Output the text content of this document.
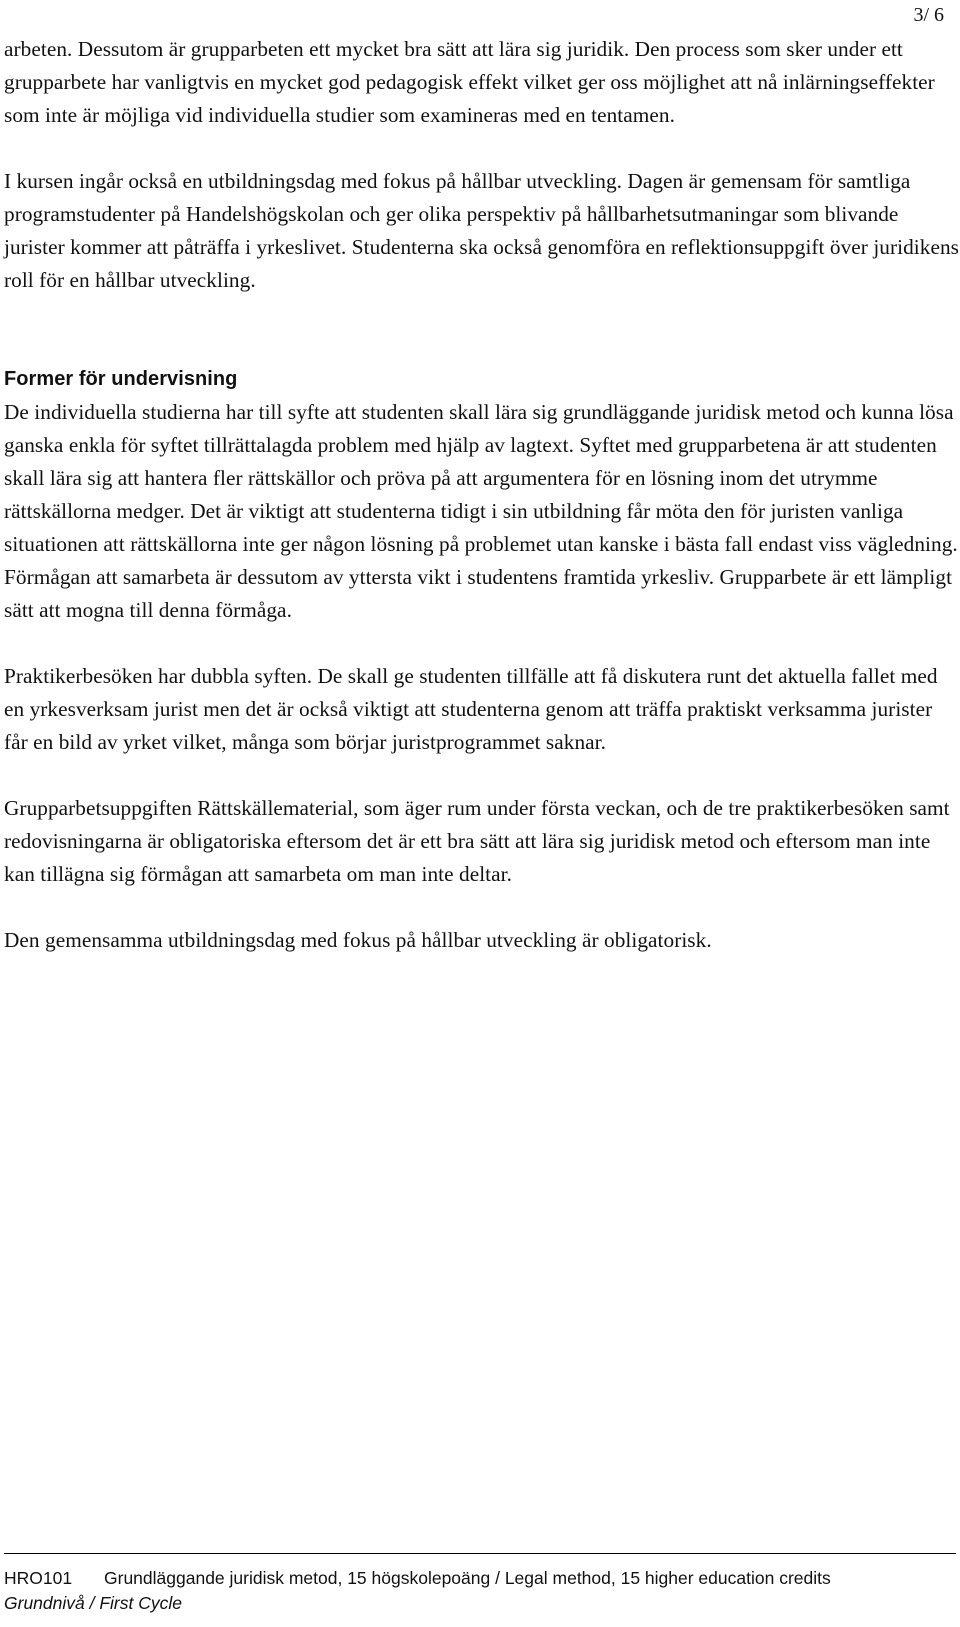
3/ 6

arbeten. Dessutom är grupparbeten ett mycket bra sätt att lära sig juridik. Den process som sker under ett grupparbete har vanligtvis en mycket god pedagogisk effekt vilket ger oss möjlighet att nå inlärningseffekter som inte är möjliga vid individuella studier som examineras med en tentamen.

I kursen ingår också en utbildningsdag med fokus på hållbar utveckling. Dagen är gemensam för samtliga programstudenter på Handelshögskolan och ger olika perspektiv på hållbarhetsutmaningar som blivande jurister kommer att påträffa i yrkeslivet. Studenterna ska också genomföra en reflektionsuppgift över juridikens roll för en hållbar utveckling.

Former för undervisning

De individuella studierna har till syfte att studenten skall lära sig grundläggande juridisk metod och kunna lösa ganska enkla för syftet tillrättalagda problem med hjälp av lagtext. Syftet med grupparbetena är att studenten skall lära sig att hantera fler rättskällor och pröva på att argumentera för en lösning inom det utrymme rättskällorna medger. Det är viktigt att studenterna tidigt i sin utbildning får möta den för juristen vanliga situationen att rättskällorna inte ger någon lösning på problemet utan kanske i bästa fall endast viss vägledning. Förmågan att samarbeta är dessutom av yttersta vikt i studentens framtida yrkesliv. Grupparbete är ett lämpligt sätt att mogna till denna förmåga.

Praktikerbesöken har dubbla syften. De skall ge studenten tillfälle att få diskutera runt det aktuella fallet med en yrkesverksam jurist men det är också viktigt att studenterna genom att träffa praktiskt verksamma jurister får en bild av yrket vilket, många som börjar juristprogrammet saknar.

Grupparbetsuppgiften Rättskällematerial, som äger rum under första veckan, och de tre praktikerbesöken samt redovisningarna är obligatoriska eftersom det är ett bra sätt att lära sig juridisk metod och eftersom man inte kan tillägna sig förmågan att samarbeta om man inte deltar.

Den gemensamma utbildningsdag med fokus på hållbar utveckling är obligatorisk.

HRO101 Grundläggande juridisk metod, 15 högskolepoäng / Legal method, 15 higher education credits
Grundnivå / First Cycle
